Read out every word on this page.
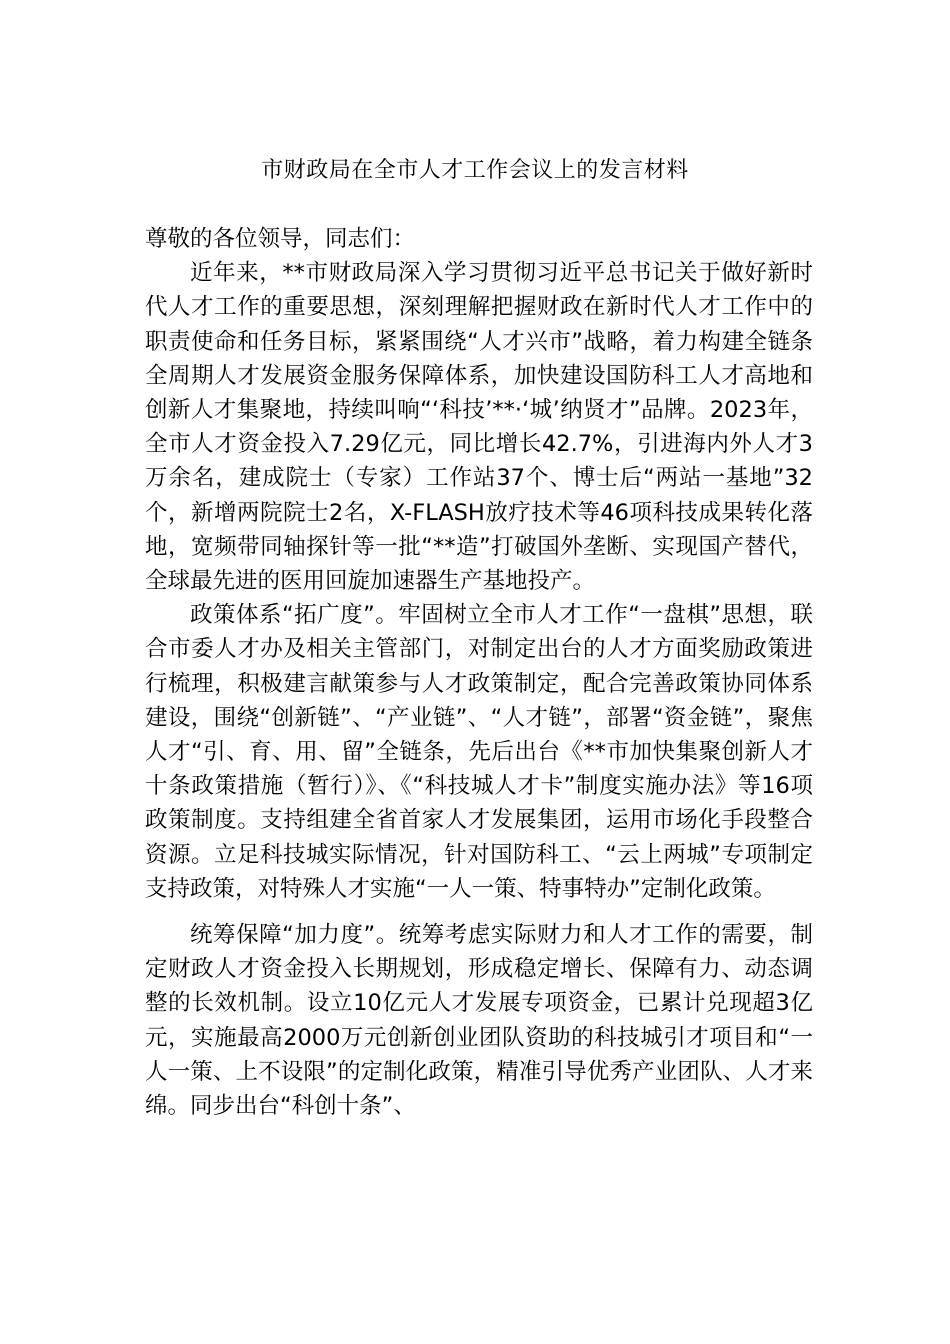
市财政局在全市人才工作会议上的发言材料

尊敬的各位领导，同志们：

近年来，**市财政局深入学习贯彻习近平总书记关于做好新时代人才工作的重要思想，深刻理解把握财政在新时代人才工作中的职责使命和任务目标，紧紧围绕“人才兴市”战略，着力构建全链条全周期人才发展资金服务保障体系，加快建设国防科工人才高地和创新人才集聚地，持续叫响“‘科技’**·‘城’纳贤才”品牌。2023年，全市人才资金投入7.29亿元，同比增长42.7%，引进海内外人才3万余名，建成院士（专家）工作站37个、博士后“两站一基地”32个，新增两院院士2名，X-FLASH放疗技术等46项科技成果转化落地，宽频带同轴探针等一批“**造”打破国外垄断、实现国产替代，全球最先进的医用回旋加速器生产基地投产。

政策体系“拓广度”。牢固树立全市人才工作“一盘棋”思想，联合市委人才办及相关主管部门，对制定出台的人才方面奖励政策进行梳理，积极建言献策参与人才政策制定，配合完善政策协同体系建设，围绕“创新链”、“产业链”、“人才链”，部署“资金链”，聚焦人才“引、育、用、留”全链条，先后出台《**市加快集聚创新人才十条政策措施（暂行）》、《“科技城人才卡”制度实施办法》等16项政策制度。支持组建全省首家人才发展集团，运用市场化手段整合资源。立足科技城实际情况，针对国防科工、“云上两城”专项制定支持政策，对特殊人才实施“一人一策、特事特办”定制化政策。

统筹保障“加力度”。统筹考虑实际财力和人才工作的需要，制定财政人才资金投入长期规划，形成稳定增长、保障有力、动态调整的长效机制。设立10亿元人才发展专项资金，已累计兑现超3亿元，实施最高2000万元创新创业团队资助的科技城引才项目和“一人一策、上不设限”的定制化政策，精准引导优秀产业团队、人才来绵。同步出台“科创十条”、
